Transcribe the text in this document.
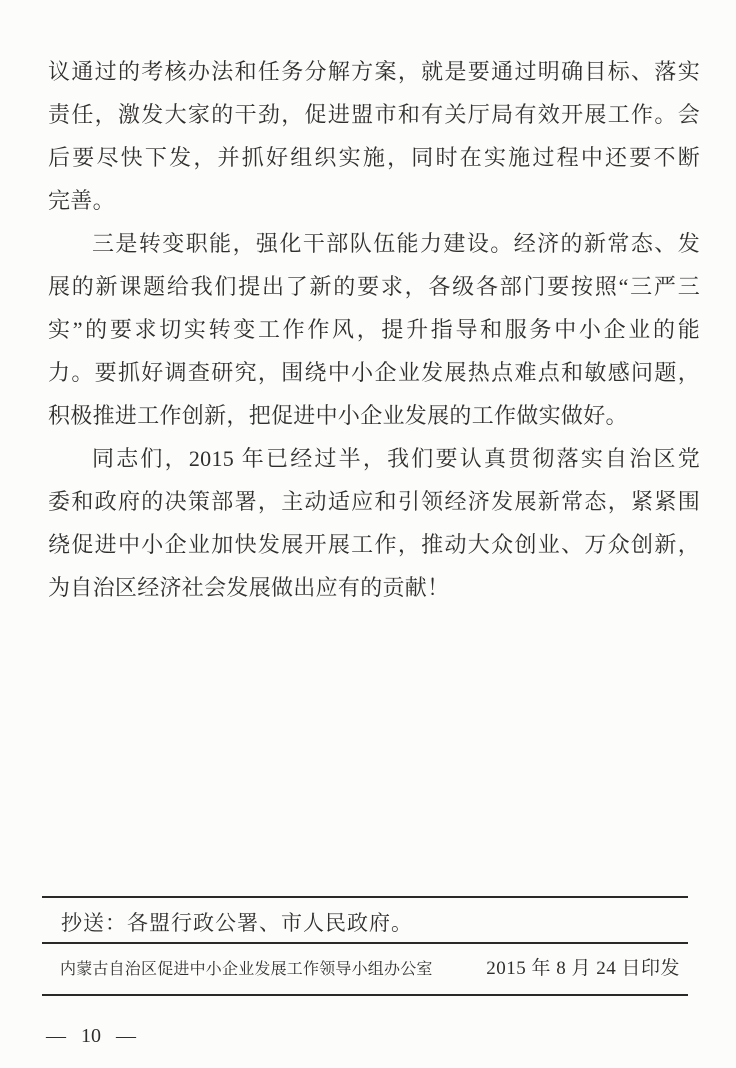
议通过的考核办法和任务分解方案，就是要通过明确目标、落实
责任，激发大家的干劲，促进盟市和有关厅局有效开展工作。会
后要尽快下发，并抓好组织实施，同时在实施过程中还要不断
完善。
三是转变职能，强化干部队伍能力建设。经济的新常态、发
展的新课题给我们提出了新的要求，各级各部门要按照“三严三
实”的要求切实转变工作作风，提升指导和服务中小企业的能
力。要抓好调查研究，围绕中小企业发展热点难点和敏感问题，
积极推进工作创新，把促进中小企业发展的工作做实做好。
同志们，2015 年已经过半，我们要认真贯彻落实自治区党
委和政府的决策部署，主动适应和引领经济发展新常态，紧紧围
绕促进中小企业加快发展开展工作，推动大众创业、万众创新，
为自治区经济社会发展做出应有的贡献！
抄送：各盟行政公署、市人民政府。
内蒙古自治区促进中小企业发展工作领导小组办公室	2015 年 8 月 24 日印发
— 10 —
